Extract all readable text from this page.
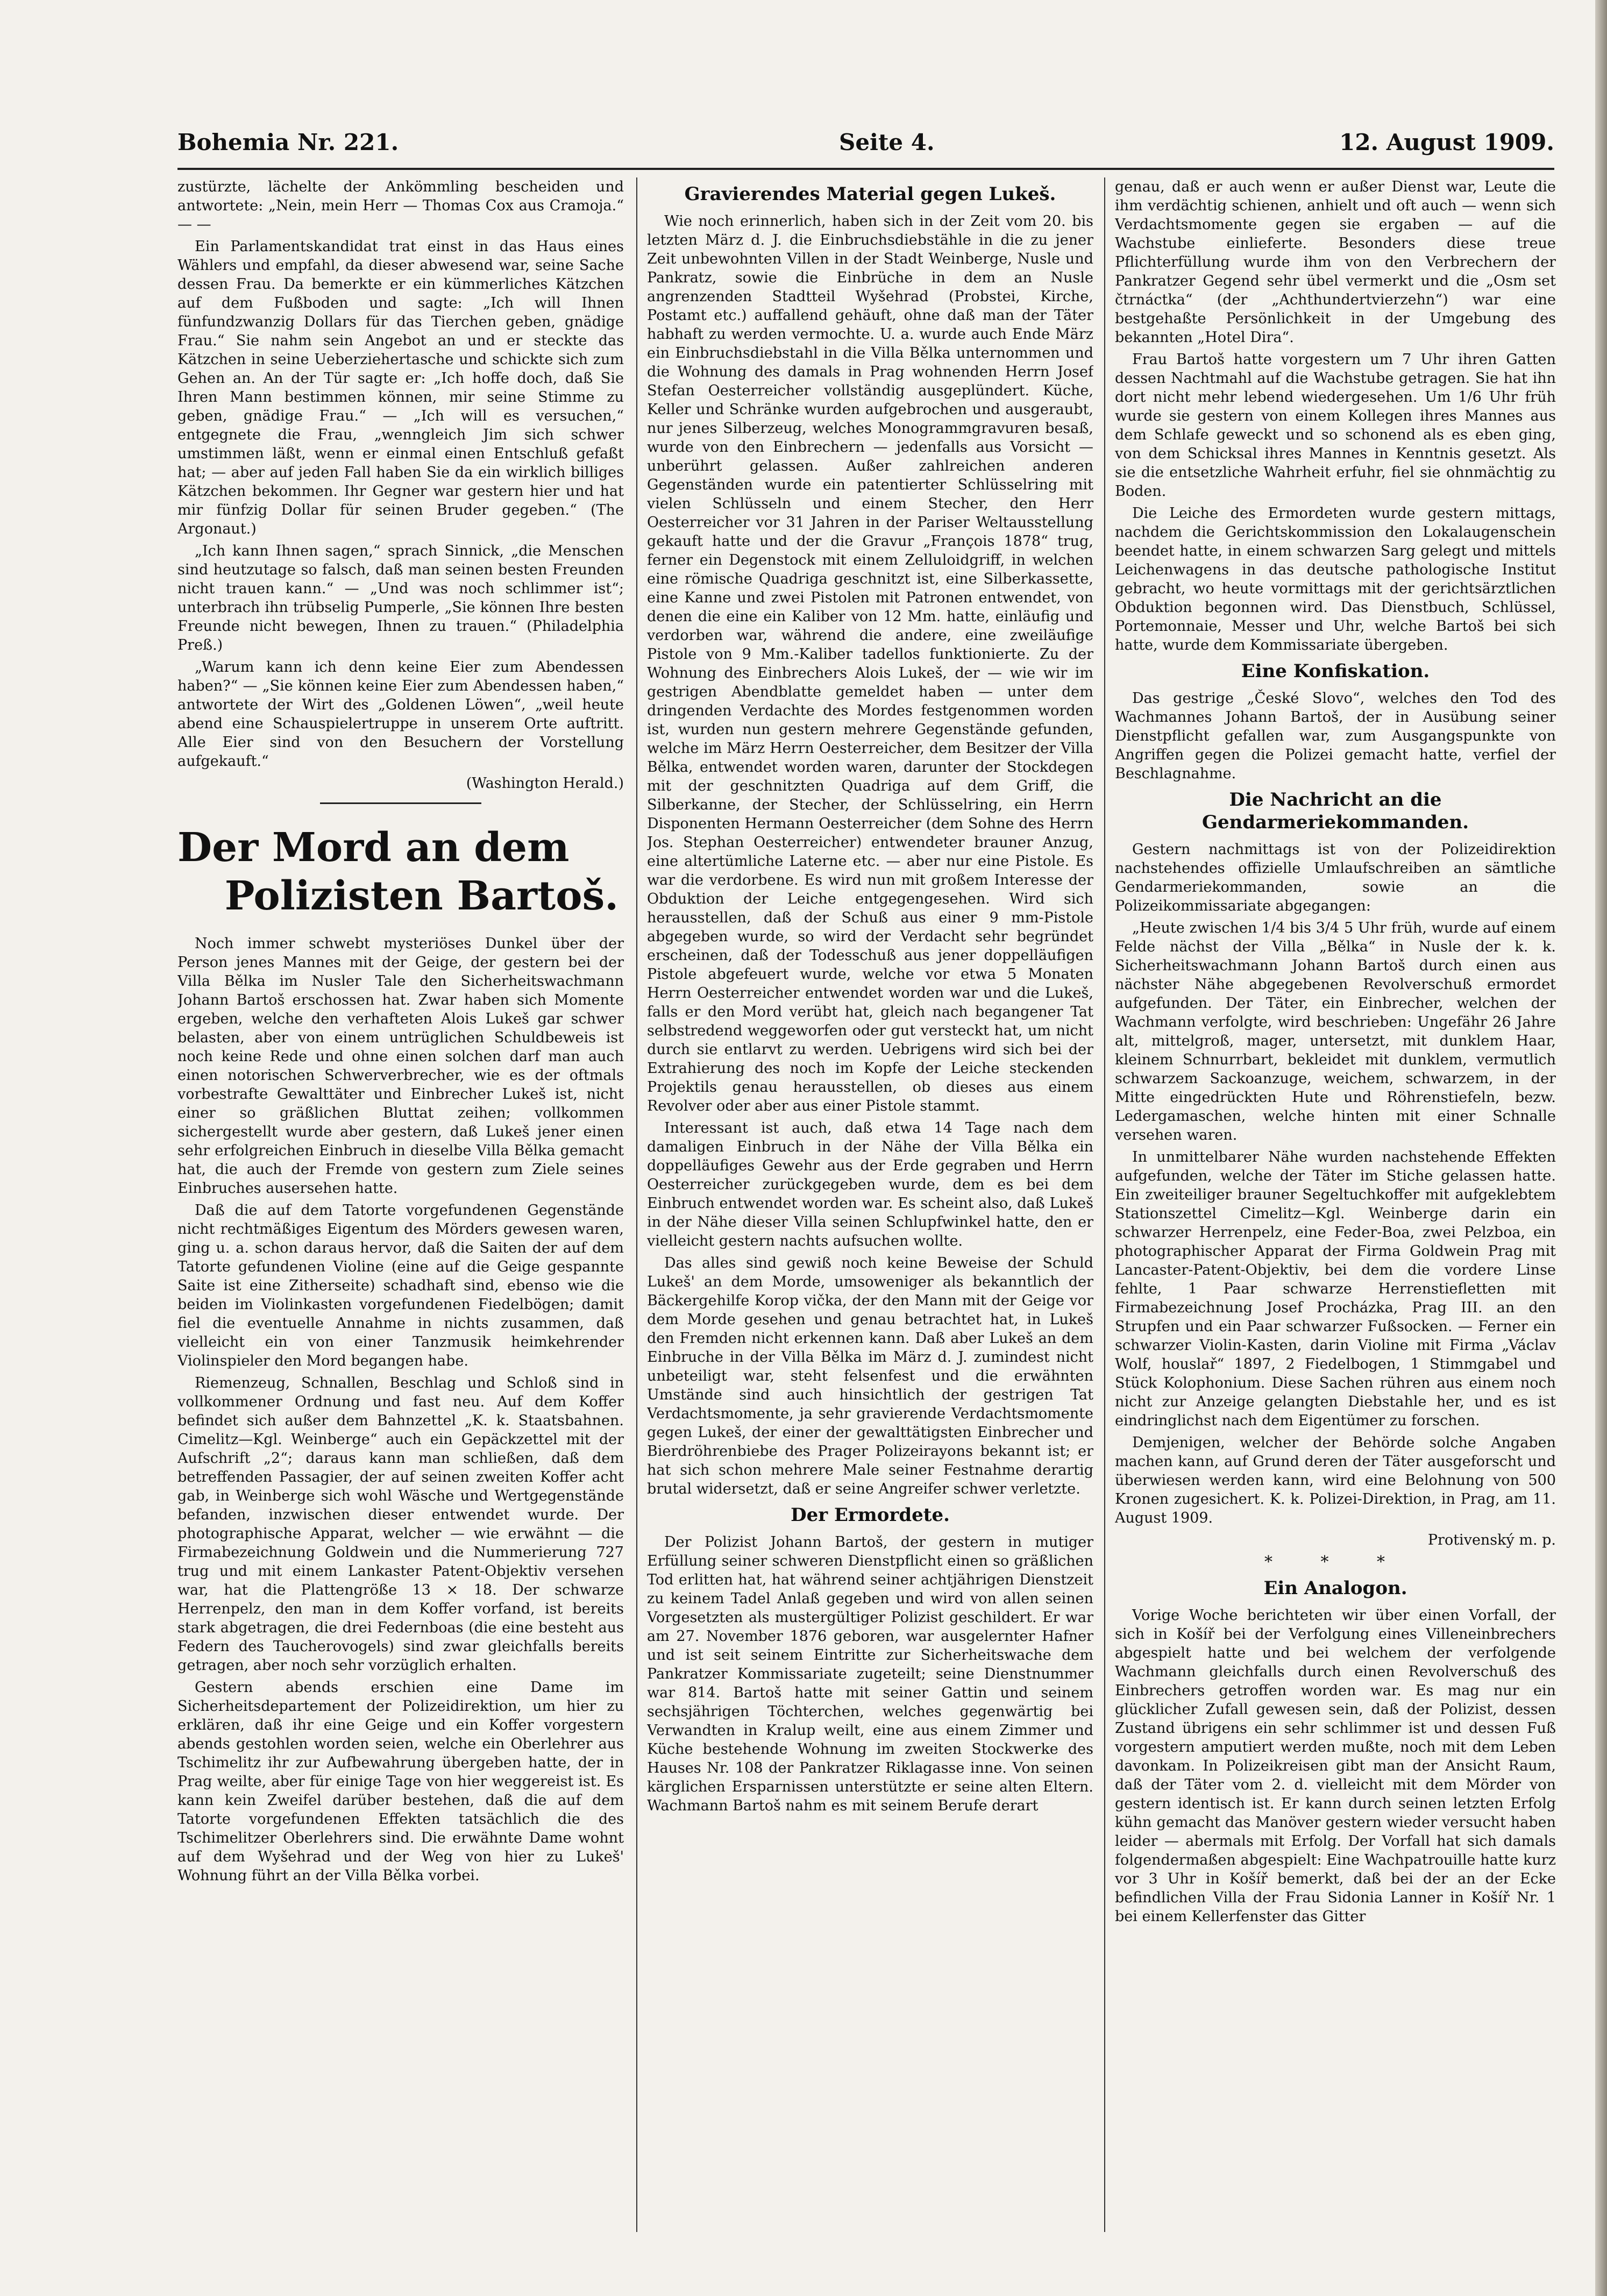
Bohemia Nr. 221.	Seite 4.	12. August 1909.

zustürzte, lächelte der Ankömmling bescheiden und antwortete: „Nein, mein Herr — Thomas Cox aus Cramoja.“ — —

Ein Parlamentskandidat trat einst in das Haus eines Wählers und empfahl, da dieser abwesend war, seine Sache dessen Frau. Da bemerkte er ein kümmerliches Kätzchen auf dem Fußboden und sagte: „Ich will Ihnen fünfundzwanzig Dollars für das Tierchen geben, gnädige Frau.“ Sie nahm sein Angebot an und er steckte das Kätzchen in seine Ueberziehertasche und schickte sich zum Gehen an. An der Tür sagte er: „Ich hoffe doch, daß Sie Ihren Mann bestimmen können, mir seine Stimme zu geben, gnädige Frau.“ — „Ich will es versuchen,“ entgegnete die Frau, „wenngleich Jim sich schwer umstimmen läßt, wenn er einmal einen Entschluß gefaßt hat; — aber auf jeden Fall haben Sie da ein wirklich billiges Kätzchen bekommen. Ihr Gegner war gestern hier und hat mir fünfzig Dollar für seinen Bruder gegeben.“ (The Argonaut.)

„Ich kann Ihnen sagen,“ sprach Sinnick, „die Menschen sind heutzutage so falsch, daß man seinen besten Freunden nicht trauen kann.“ — „Und was noch schlimmer ist“; unterbrach ihn trübselig Pumperle, „Sie können Ihre besten Freunde nicht bewegen, Ihnen zu trauen.“ (Philadelphia Preß.)

„Warum kann ich denn keine Eier zum Abendessen haben?“ — „Sie können keine Eier zum Abendessen haben,“ antwortete der Wirt des „Goldenen Löwen“, „weil heute abend eine Schauspielertruppe in unserem Orte auftritt. Alle Eier sind von den Besuchern der Vorstellung aufgekauft.“

(Washington Herald.)

Der Mord an dem
Polizisten Bartoš.

Noch immer schwebt mysteriöses Dunkel über der Person jenes Mannes mit der Geige, der gestern bei der Villa Bělka im Nusler Tale den Sicherheitswachmann Johann Bartoš erschossen hat. Zwar haben sich Momente ergeben, welche den verhafteten Alois Lukeš gar schwer belasten, aber von einem untrüglichen Schuldbeweis ist noch keine Rede und ohne einen solchen darf man auch einen notorischen Schwerverbrecher, wie es der oftmals vorbestrafte Gewalttäter und Einbrecher Lukeš ist, nicht einer so gräßlichen Bluttat zeihen; vollkommen sichergestellt wurde aber gestern, daß Lukeš jener einen sehr erfolgreichen Einbruch in dieselbe Villa Bělka gemacht hat, die auch der Fremde von gestern zum Ziele seines Einbruches ausersehen hatte.

Daß die auf dem Tatorte vorgefundenen Gegenstände nicht rechtmäßiges Eigentum des Mörders gewesen waren, ging u. a. schon daraus hervor, daß die Saiten der auf dem Tatorte gefundenen Violine (eine auf die Geige gespannte Saite ist eine Zitherseite) schadhaft sind, ebenso wie die beiden im Violinkasten vorgefundenen Fiedelbögen; damit fiel die eventuelle Annahme in nichts zusammen, daß vielleicht ein von einer Tanzmusik heimkehrender Violinspieler den Mord begangen habe.

Riemenzeug, Schnallen, Beschlag und Schloß sind in vollkommener Ordnung und fast neu. Auf dem Koffer befindet sich außer dem Bahnzettel „K. k. Staatsbahnen. Cimelitz—Kgl. Weinberge“ auch ein Gepäckzettel mit der Aufschrift „2“; daraus kann man schließen, daß dem betreffenden Passagier, der auf seinen zweiten Koffer acht gab, in Weinberge sich wohl Wäsche und Wertgegenstände befanden, inzwischen dieser entwendet wurde. Der photographische Apparat, welcher — wie erwähnt — die Firmabezeichnung Goldwein und die Nummerierung 727 trug und mit einem Lankaster Patent-Objektiv versehen war, hat die Plattengröße 13 × 18. Der schwarze Herrenpelz, den man in dem Koffer vorfand, ist bereits stark abgetragen, die drei Federnboas (die eine besteht aus Federn des Taucherovogels) sind zwar gleichfalls bereits getragen, aber noch sehr vorzüglich erhalten.

Gestern abends erschien eine Dame im Sicherheitsdepartement der Polizeidirektion, um hier zu erklären, daß ihr eine Geige und ein Koffer vorgestern abends gestohlen worden seien, welche ein Oberlehrer aus Tschimelitz ihr zur Aufbewahrung übergeben hatte, der in Prag weilte, aber für einige Tage von hier weggereist ist. Es kann kein Zweifel darüber bestehen, daß die auf dem Tatorte vorgefundenen Effekten tatsächlich die des Tschimelitzer Oberlehrers sind. Die erwähnte Dame wohnt auf dem Wyšehrad und der Weg von hier zu Lukeš' Wohnung führt an der Villa Bělka vorbei.

Gravierendes Material gegen Lukeš.

Wie noch erinnerlich, haben sich in der Zeit vom 20. bis letzten März d. J. die Einbruchsdiebstähle in die zu jener Zeit unbewohnten Villen in der Stadt Weinberge, Nusle und Pankratz, sowie die Einbrüche in dem an Nusle angrenzenden Stadtteil Wyšehrad (Probstei, Kirche, Postamt etc.) auffallend gehäuft, ohne daß man der Täter habhaft zu werden vermochte. U. a. wurde auch Ende März ein Einbruchsdiebstahl in die Villa Bělka unternommen und die Wohnung des damals in Prag wohnenden Herrn Josef Stefan Oesterreicher vollständig ausgeplündert. Küche, Keller und Schränke wurden aufgebrochen und ausgeraubt, nur jenes Silberzeug, welches Monogrammgravuren besaß, wurde von den Einbrechern — jedenfalls aus Vorsicht — unberührt gelassen. Außer zahlreichen anderen Gegenständen wurde ein patentierter Schlüsselring mit vielen Schlüsseln und einem Stecher, den Herr Oesterreicher vor 31 Jahren in der Pariser Weltausstellung gekauft hatte und der die Gravur „François 1878“ trug, ferner ein Degenstock mit einem Zelluloidgriff, in welchen eine römische Quadriga geschnitzt ist, eine Silberkassette, eine Kanne und zwei Pistolen mit Patronen entwendet, von denen die eine ein Kaliber von 12 Mm. hatte, einläufig und verdorben war, während die andere, eine zweiläufige Pistole von 9 Mm.-Kaliber tadellos funktionierte. Zu der Wohnung des Einbrechers Alois Lukeš, der — wie wir im gestrigen Abendblatte gemeldet haben — unter dem dringenden Verdachte des Mordes festgenommen worden ist, wurden nun gestern mehrere Gegenstände gefunden, welche im März Herrn Oesterreicher, dem Besitzer der Villa Bělka, entwendet worden waren, darunter der Stockdegen mit der geschnitzten Quadriga auf dem Griff, die Silberkanne, der Stecher, der Schlüsselring, ein Herrn Disponenten Hermann Oesterreicher (dem Sohne des Herrn Jos. Stephan Oesterreicher) entwendeter brauner Anzug, eine altertümliche Laterne etc. — aber nur eine Pistole. Es war die verdorbene. Es wird nun mit großem Interesse der Obduktion der Leiche entgegengesehen. Wird sich herausstellen, daß der Schuß aus einer 9 mm-Pistole abgegeben wurde, so wird der Verdacht sehr begründet erscheinen, daß der Todesschuß aus jener doppelläufigen Pistole abgefeuert wurde, welche vor etwa 5 Monaten Herrn Oesterreicher entwendet worden war und die Lukeš, falls er den Mord verübt hat, gleich nach begangener Tat selbstredend weggeworfen oder gut versteckt hat, um nicht durch sie entlarvt zu werden. Uebrigens wird sich bei der Extrahierung des noch im Kopfe der Leiche steckenden Projektils genau herausstellen, ob dieses aus einem Revolver oder aber aus einer Pistole stammt.

Interessant ist auch, daß etwa 14 Tage nach dem damaligen Einbruch in der Nähe der Villa Bělka ein doppelläufiges Gewehr aus der Erde gegraben und Herrn Oesterreicher zurückgegeben wurde, dem es bei dem Einbruch entwendet worden war. Es scheint also, daß Lukeš in der Nähe dieser Villa seinen Schlupfwinkel hatte, den er vielleicht gestern nachts aufsuchen wollte.

Das alles sind gewiß noch keine Beweise der Schuld Lukeš' an dem Morde, umsoweniger als bekanntlich der Bäckergehilfe Korop vička, der den Mann mit der Geige vor dem Morde gesehen und genau betrachtet hat, in Lukeš den Fremden nicht erkennen kann. Daß aber Lukeš an dem Einbruche in der Villa Bělka im März d. J. zumindest nicht unbeteiligt war, steht felsenfest und die erwähnten Umstände sind auch hinsichtlich der gestrigen Tat Verdachtsmomente, ja sehr gravierende Verdachtsmomente gegen Lukeš, der einer der gewalttätigsten Einbrecher und Bierdröhrenbiebe des Prager Polizeirayons bekannt ist; er hat sich schon mehrere Male seiner Festnahme derartig brutal widersetzt, daß er seine Angreifer schwer verletzte.

Der Ermordete.

Der Polizist Johann Bartoš, der gestern in mutiger Erfüllung seiner schweren Dienstpflicht einen so gräßlichen Tod erlitten hat, hat während seiner achtjährigen Dienstzeit zu keinem Tadel Anlaß gegeben und wird von allen seinen Vorgesetzten als mustergültiger Polizist geschildert. Er war am 27. November 1876 geboren, war ausgelernter Hafner und ist seit seinem Eintritte zur Sicherheitswache dem Pankratzer Kommissariate zugeteilt; seine Dienstnummer war 814. Bartoš hatte mit seiner Gattin und seinem sechsjährigen Töchterchen, welches gegenwärtig bei Verwandten in Kralup weilt, eine aus einem Zimmer und Küche bestehende Wohnung im zweiten Stockwerke des Hauses Nr. 108 der Pankratzer Riklagasse inne. Von seinen kärglichen Ersparnissen unterstützte er seine alten Eltern. Wachmann Bartoš nahm es mit seinem Berufe derart

genau, daß er auch wenn er außer Dienst war, Leute die ihm verdächtig schienen, anhielt und oft auch — wenn sich Verdachtsmomente gegen sie ergaben — auf die Wachstube einlieferte. Besonders diese treue Pflichterfüllung wurde ihm von den Verbrechern der Pankratzer Gegend sehr übel vermerkt und die „Osm set čtrnáctka“ (der „Achthundertvierzehn“) war eine bestgehaßte Persönlichkeit in der Umgebung des bekannten „Hotel Dira“.

Frau Bartoš hatte vorgestern um 7 Uhr ihren Gatten dessen Nachtmahl auf die Wachstube getragen. Sie hat ihn dort nicht mehr lebend wiedergesehen. Um 1/6 Uhr früh wurde sie gestern von einem Kollegen ihres Mannes aus dem Schlafe geweckt und so schonend als es eben ging, von dem Schicksal ihres Mannes in Kenntnis gesetzt. Als sie die entsetzliche Wahrheit erfuhr, fiel sie ohnmächtig zu Boden.

Die Leiche des Ermordeten wurde gestern mittags, nachdem die Gerichtskommission den Lokalaugenschein beendet hatte, in einem schwarzen Sarg gelegt und mittels Leichenwagens in das deutsche pathologische Institut gebracht, wo heute vormittags mit der gerichtsärztlichen Obduktion begonnen wird. Das Dienstbuch, Schlüssel, Portemonnaie, Messer und Uhr, welche Bartoš bei sich hatte, wurde dem Kommissariate übergeben.

Eine Konfiskation.

Das gestrige „České Slovo“, welches den Tod des Wachmannes Johann Bartoš, der in Ausübung seiner Dienstpflicht gefallen war, zum Ausgangspunkte von Angriffen gegen die Polizei gemacht hatte, verfiel der Beschlagnahme.

Die Nachricht an die Gendarmeriekommanden.

Gestern nachmittags ist von der Polizeidirektion nachstehendes offizielle Umlaufschreiben an sämtliche Gendarmeriekommanden, sowie an die Polizeikommissariate abgegangen:

„Heute zwischen 1/4 bis 3/4 5 Uhr früh, wurde auf einem Felde nächst der Villa „Bělka“ in Nusle der k. k. Sicherheitswachmann Johann Bartoš durch einen aus nächster Nähe abgegebenen Revolverschuß ermordet aufgefunden. Der Täter, ein Einbrecher, welchen der Wachmann verfolgte, wird beschrieben: Ungefähr 26 Jahre alt, mittelgroß, mager, untersetzt, mit dunklem Haar, kleinem Schnurrbart, bekleidet mit dunklem, vermutlich schwarzem Sackoanzuge, weichem, schwarzem, in der Mitte eingedrückten Hute und Röhrenstiefeln, bezw. Ledergamaschen, welche hinten mit einer Schnalle versehen waren.

In unmittelbarer Nähe wurden nachstehende Effekten aufgefunden, welche der Täter im Stiche gelassen hatte. Ein zweiteiliger brauner Segeltuchkoffer mit aufgeklebtem Stationszettel Cimelitz—Kgl. Weinberge darin ein schwarzer Herrenpelz, eine Feder-Boa, zwei Pelzboa, ein photographischer Apparat der Firma Goldwein Prag mit Lancaster-Patent-Objektiv, bei dem die vordere Linse fehlte, 1 Paar schwarze Herrenstiefletten mit Firmabezeichnung Josef Procházka, Prag III. an den Strupfen und ein Paar schwarzer Fußsocken. — Ferner ein schwarzer Violin-Kasten, darin Violine mit Firma „Václav Wolf, houslař“ 1897, 2 Fiedelbogen, 1 Stimmgabel und Stück Kolophonium. Diese Sachen rühren aus einem noch nicht zur Anzeige gelangten Diebstahle her, und es ist eindringlichst nach dem Eigentümer zu forschen.

Demjenigen, welcher der Behörde solche Angaben machen kann, auf Grund deren der Täter ausgeforscht und überwiesen werden kann, wird eine Belohnung von 500 Kronen zugesichert. K. k. Polizei-Direktion, in Prag, am 11. August 1909.

Protivenský m. p.

* * *
Ein Analogon.

Vorige Woche berichteten wir über einen Vorfall, der sich in Košíř bei der Verfolgung eines Villeneinbrechers abgespielt hatte und bei welchem der verfolgende Wachmann gleichfalls durch einen Revolverschuß des Einbrechers getroffen worden war. Es mag nur ein glücklicher Zufall gewesen sein, daß der Polizist, dessen Zustand übrigens ein sehr schlimmer ist und dessen Fuß vorgestern amputiert werden mußte, noch mit dem Leben davonkam. In Polizeikreisen gibt man der Ansicht Raum, daß der Täter vom 2. d. vielleicht mit dem Mörder von gestern identisch ist. Er kann durch seinen letzten Erfolg kühn gemacht das Manöver gestern wieder versucht haben leider — abermals mit Erfolg. Der Vorfall hat sich damals folgendermaßen abgespielt: Eine Wachpatrouille hatte kurz vor 3 Uhr in Košíř bemerkt, daß bei der an der Ecke befindlichen Villa der Frau Sidonia Lanner in Košíř Nr. 1 bei einem Kellerfenster das Gitter
